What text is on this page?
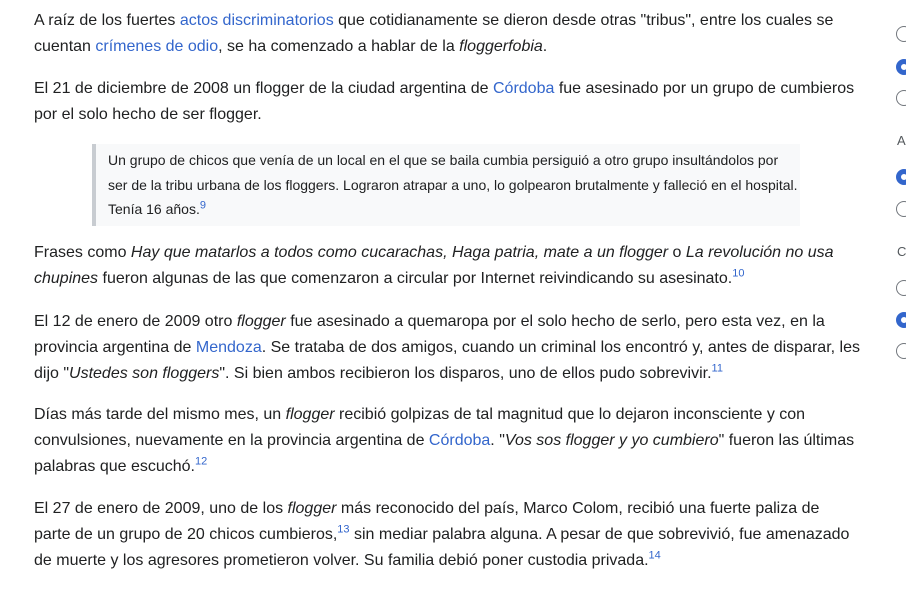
A raíz de los fuertes actos discriminatorios que cotidianamente se dieron desde otras "tribus", entre los cuales se cuentan crímenes de odio, se ha comenzado a hablar de la floggerfobia.

El 21 de diciembre de 2008 un flogger de la ciudad argentina de Córdoba fue asesinado por un grupo de cumbieros por el solo hecho de ser flogger.

Un grupo de chicos que venía de un local en el que se baila cumbia persiguió a otro grupo insultándolos por ser de la tribu urbana de los floggers. Lograron atrapar a uno, lo golpearon brutalmente y falleció en el hospital. Tenía 16 años.$^9$

Frases como Hay que matarlos a todos como cucarachas, Haga patria, mate a un flogger o La revolución no usa chupines fueron algunas de las que comenzaron a circular por Internet reivindicando su asesinato.$^{10}$

El 12 de enero de 2009 otro flogger fue asesinado a quemaropa por el solo hecho de serlo, pero esta vez, en la provincia argentina de Mendoza. Se trataba de dos amigos, cuando un criminal los encontró y, antes de disparar, les dijo "Ustedes son floggers". Si bien ambos recibieron los disparos, uno de ellos pudo sobrevivir.$^{11}$

Días más tarde del mismo mes, un flogger recibió golpizas de tal magnitud que lo dejaron inconsciente y con convulsiones, nuevamente en la provincia argentina de Córdoba. "Vos sos flogger y yo cumbiero" fueron las últimas palabras que escuchó.$^{12}$

El 27 de enero de 2009, uno de los flogger más reconocido del país, Marco Colom, recibió una fuerte paliza de parte de un grupo de 20 chicos cumbieros,$^{13}$ sin mediar palabra alguna. A pesar de que sobrevivió, fue amenazado de muerte y los agresores prometieron volver. Su familia debió poner custodia privada.$^{14}$

A
C
